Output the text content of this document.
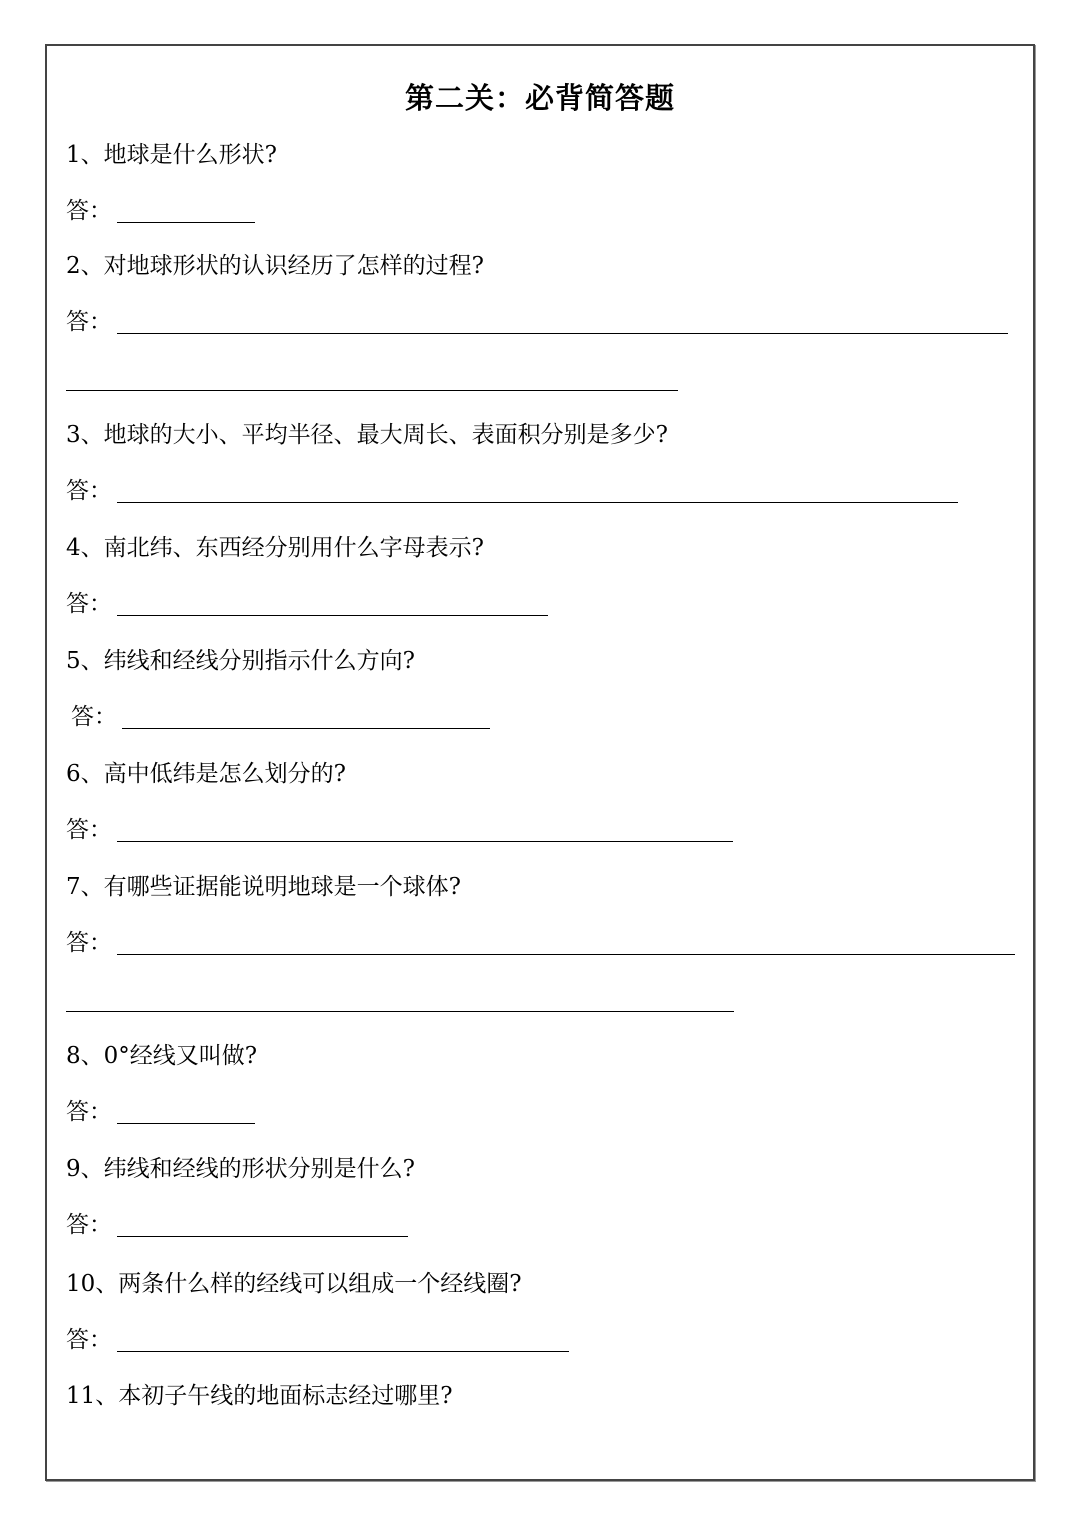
第二关：必背简答题
1、地球是什么形状?
答：
2、对地球形状的认识经历了怎样的过程?
答：
3、地球的大小、平均半径、最大周长、表面积分别是多少?
答：
4、南北纬、东西经分别用什么字母表示?
答：
5、纬线和经线分别指示什么方向?
答：
6、高中低纬是怎么划分的?
答：
7、有哪些证据能说明地球是一个球体?
答：
8、0°经线又叫做?
答：
9、纬线和经线的形状分别是什么?
答：
10、两条什么样的经线可以组成一个经线圈?
答：
11、本初子午线的地面标志经过哪里?
